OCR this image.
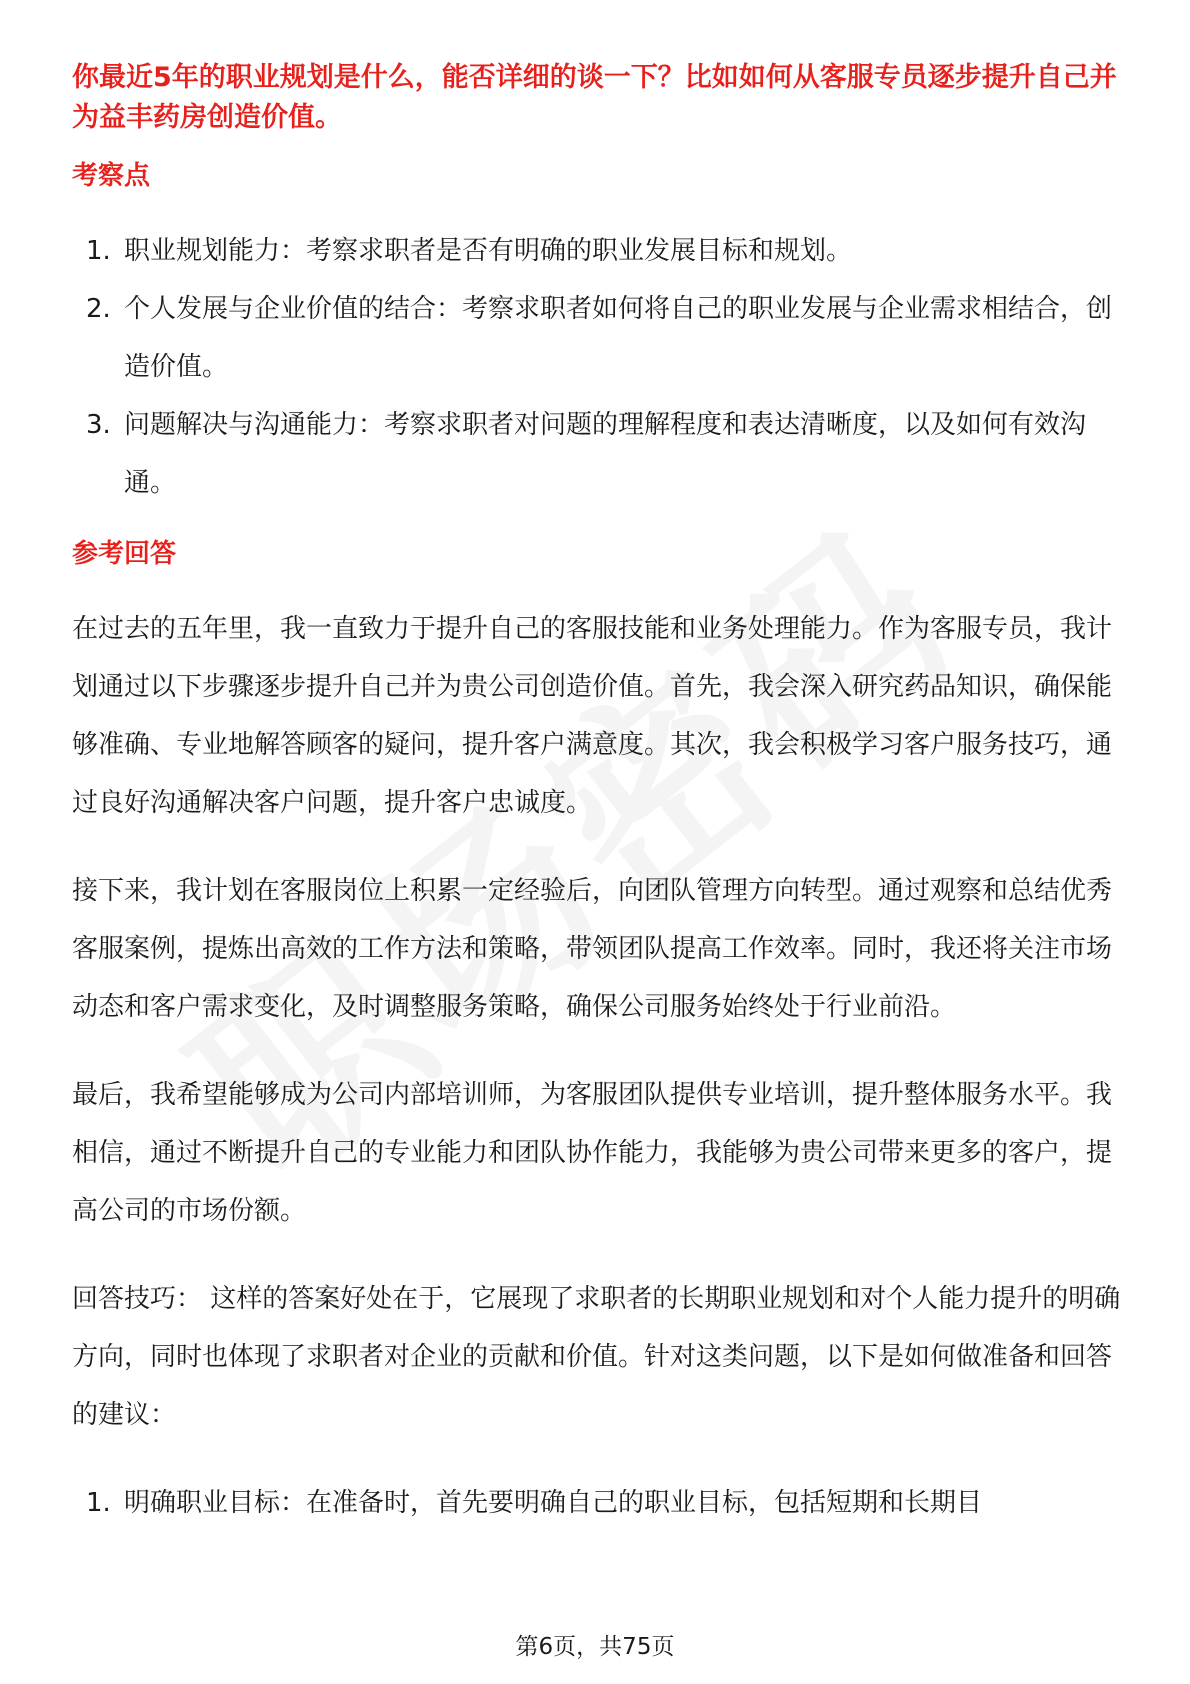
你最近5年的职业规划是什么，能否详细的谈一下？比如如何从客服专员逐步提升自己并为益丰药房创造价值。
考察点
1. 职业规划能力：考察求职者是否有明确的职业发展目标和规划。
2. 个人发展与企业价值的结合：考察求职者如何将自己的职业发展与企业需求相结合，创造价值。
3. 问题解决与沟通能力：考察求职者对问题的理解程度和表达清晰度，以及如何有效沟通。
参考回答

在过去的五年里，我一直致力于提升自己的客服技能和业务处理能力。作为客服专员，我计划通过以下步骤逐步提升自己并为贵公司创造价值。首先，我会深入研究药品知识，确保能够准确、专业地解答顾客的疑问，提升客户满意度。其次，我会积极学习客户服务技巧，通过良好沟通解决客户问题，提升客户忠诚度。

接下来，我计划在客服岗位上积累一定经验后，向团队管理方向转型。通过观察和总结优秀客服案例，提炼出高效的工作方法和策略，带领团队提高工作效率。同时，我还将关注市场动态和客户需求变化，及时调整服务策略，确保公司服务始终处于行业前沿。

最后，我希望能够成为公司内部培训师，为客服团队提供专业培训，提升整体服务水平。我相信，通过不断提升自己的专业能力和团队协作能力，我能够为贵公司带来更多的客户，提高公司的市场份额。

回答技巧： 这样的答案好处在于，它展现了求职者的长期职业规划和对个人能力提升的明确方向，同时也体现了求职者对企业的贡献和价值。针对这类问题，以下是如何做准备和回答的建议：

1. 明确职业目标：在准备时，首先要明确自己的职业目标，包括短期和长期目
第6页，共75页
